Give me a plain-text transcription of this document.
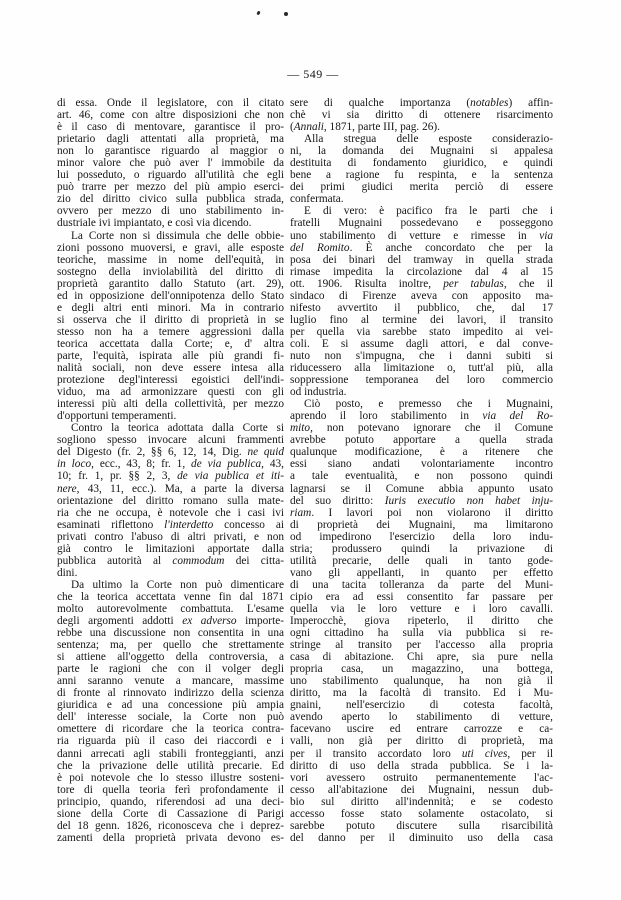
— 549 —
di essa. Onde il legislatore, con il citato
art. 46, come con altre disposizioni che non
è il caso di mentovare, garantisce il pro-
prietario dagli attentati alla proprietà, ma
non lo garantisce riguardo al maggior o
minor valore che può aver l' immobile da
lui posseduto, o riguardo all'utilità che egli
può trarre per mezzo del più ampio eserci-
zio del diritto civico sulla pubblica strada,
ovvero per mezzo di uno stabilimento in-
dustriale ivi impiantato, e così via dicendo.
La Corte non si dissimula che delle obbie-
zioni possono muoversi, e gravi, alle esposte
teoriche, massime in nome dell'equità, in
sostegno della inviolabilità del diritto di
proprietà garantito dallo Statuto (art. 29),
ed in opposizione dell'onnipotenza dello Stato
e degli altri enti minori. Ma in contrario
si osserva che il diritto di proprietà in se
stesso non ha a temere aggressioni dalla
teorica accettata dalla Corte; e, d' altra
parte, l'equità, ispirata alle più grandi fi-
nalità sociali, non deve essere intesa alla
protezione degl'interessi egoistici dell'indi-
viduo, ma ad armonizzare questi con gli
interessi più alti della collettività, per mezzo
d'opportuni temperamenti.
Contro la teorica adottata dalla Corte si
sogliono spesso invocare alcuni frammenti
del Digesto (fr. 2, §§ 6, 12, 14, Dig. ne quid
in loco, ecc., 43, 8; fr. 1, de via publica, 43,
10; fr. 1, pr. §§ 2, 3, de via publica et iti-
nere, 43, 11, ecc.). Ma, a parte la diversa
orientazione del diritto romano sulla mate-
ria che ne occupa, è notevole che i casi ivi
esaminati riflettono l'interdetto concesso ai
privati contro l'abuso di altri privati, e non
già contro le limitazioni apportate dalla
pubblica autorità al commodum dei citta-
dini.
Da ultimo la Corte non può dimenticare
che la teorica accettata venne fin dal 1871
molto autorevolmente combattuta. L'esame
degli argomenti addotti ex adverso importe-
rebbe una discussione non consentita in una
sentenza; ma, per quello che strettamente
si attiene all'oggetto della controversia, a
parte le ragioni che con il volger degli
anni saranno venute a mancare, massime
di fronte al rinnovato indirizzo della scienza
giuridica e ad una concessione più ampia
dell' interesse sociale, la Corte non può
omettere di ricordare che la teorica contra-
ria riguarda più il caso dei riaccordi e i
danni arrecati agli stabili fronteggianti, anzi
che la privazione delle utilità precarie. Ed
è poi notevole che lo stesso illustre sosteni-
tore di quella teoria ferì profondamente il
principio, quando, riferendosi ad una deci-
sione della Corte di Cassazione di Parigi
del 18 genn. 1826, riconosceva che i deprez-
zamenti della proprietà privata devono es-
sere di qualche importanza (notables) affin-
chè vi sia diritto di ottenere risarcimento
(Annali, 1871, parte III, pag. 26).
Alla stregua delle esposte considerazio-
ni, la domanda dei Mugnaini si appalesa
destituita di fondamento giuridico, e quindi
bene a ragione fu respinta, e la sentenza
dei primi giudici merita perciò di essere
confermata.
E di vero: è pacifico fra le parti che i
fratelli Mugnaini possedevano e posseggono
uno stabilimento di vetture e rimesse in via
del Romito. È anche concordato che per la
posa dei binari del tramway in quella strada
rimase impedita la circolazione dal 4 al 15
ott. 1906. Risulta inoltre, per tabulas, che il
sindaco di Firenze aveva con apposito ma-
nifesto avvertito il pubblico, che, dal 17
luglio fino al termine dei lavori, il transito
per quella via sarebbe stato impedito ai vei-
coli. E si assume dagli attori, e dal conve-
nuto non s'impugna, che i danni subiti si
riducessero alla limitazione o, tutt'al più, alla
soppressione temporanea del loro commercio
od industria.
Ciò posto, e premesso che i Mugnaini,
aprendo il loro stabilimento in via del Ro-
mito, non potevano ignorare che il Comune
avrebbe potuto apportare a quella strada
qualunque modificazione, è a ritenere che
essi siano andati volontariamente incontro
a tale eventualità, e non possono quindi
lagnarsi se il Comune abbia appunto usato
del suo diritto: Iuris executio non habet inju-
riam. I lavori poi non violarono il diritto
di proprietà dei Mugnaini, ma limitarono
od impedirono l'esercizio della loro indu-
stria; produssero quindi la privazione di
utilità precarie, delle quali in tanto gode-
vano gli appellanti, in quanto per effetto
di una tacita tolleranza da parte del Muni-
cipio era ad essi consentito far passare per
quella via le loro vetture e i loro cavalli.
Imperocchè, giova ripeterlo, il diritto che
ogni cittadino ha sulla via pubblica si re-
stringe al transito per l'accesso alla propria
casa di abitazione. Chi apre, sia pure nella
propria casa, un magazzino, una bottega,
uno stabilimento qualunque, ha non già il
diritto, ma la facoltà di transito. Ed i Mu-
gnaini, nell'esercizio di cotesta facoltà,
avendo aperto lo stabilimento di vetture,
facevano uscire ed entrare carrozze e ca-
valli, non già per diritto di proprietà, ma
per il transito accordato loro uti cives, per il
diritto di uso della strada pubblica. Se i la-
vori avessero ostruito permanentemente l'ac-
cesso all'abitazione dei Mugnaini, nessun dub-
bio sul diritto all'indennità; e se codesto
accesso fosse stato solamente ostacolato, si
sarebbe potuto discutere sulla risarcibilità
del danno per il diminuito uso della casa
